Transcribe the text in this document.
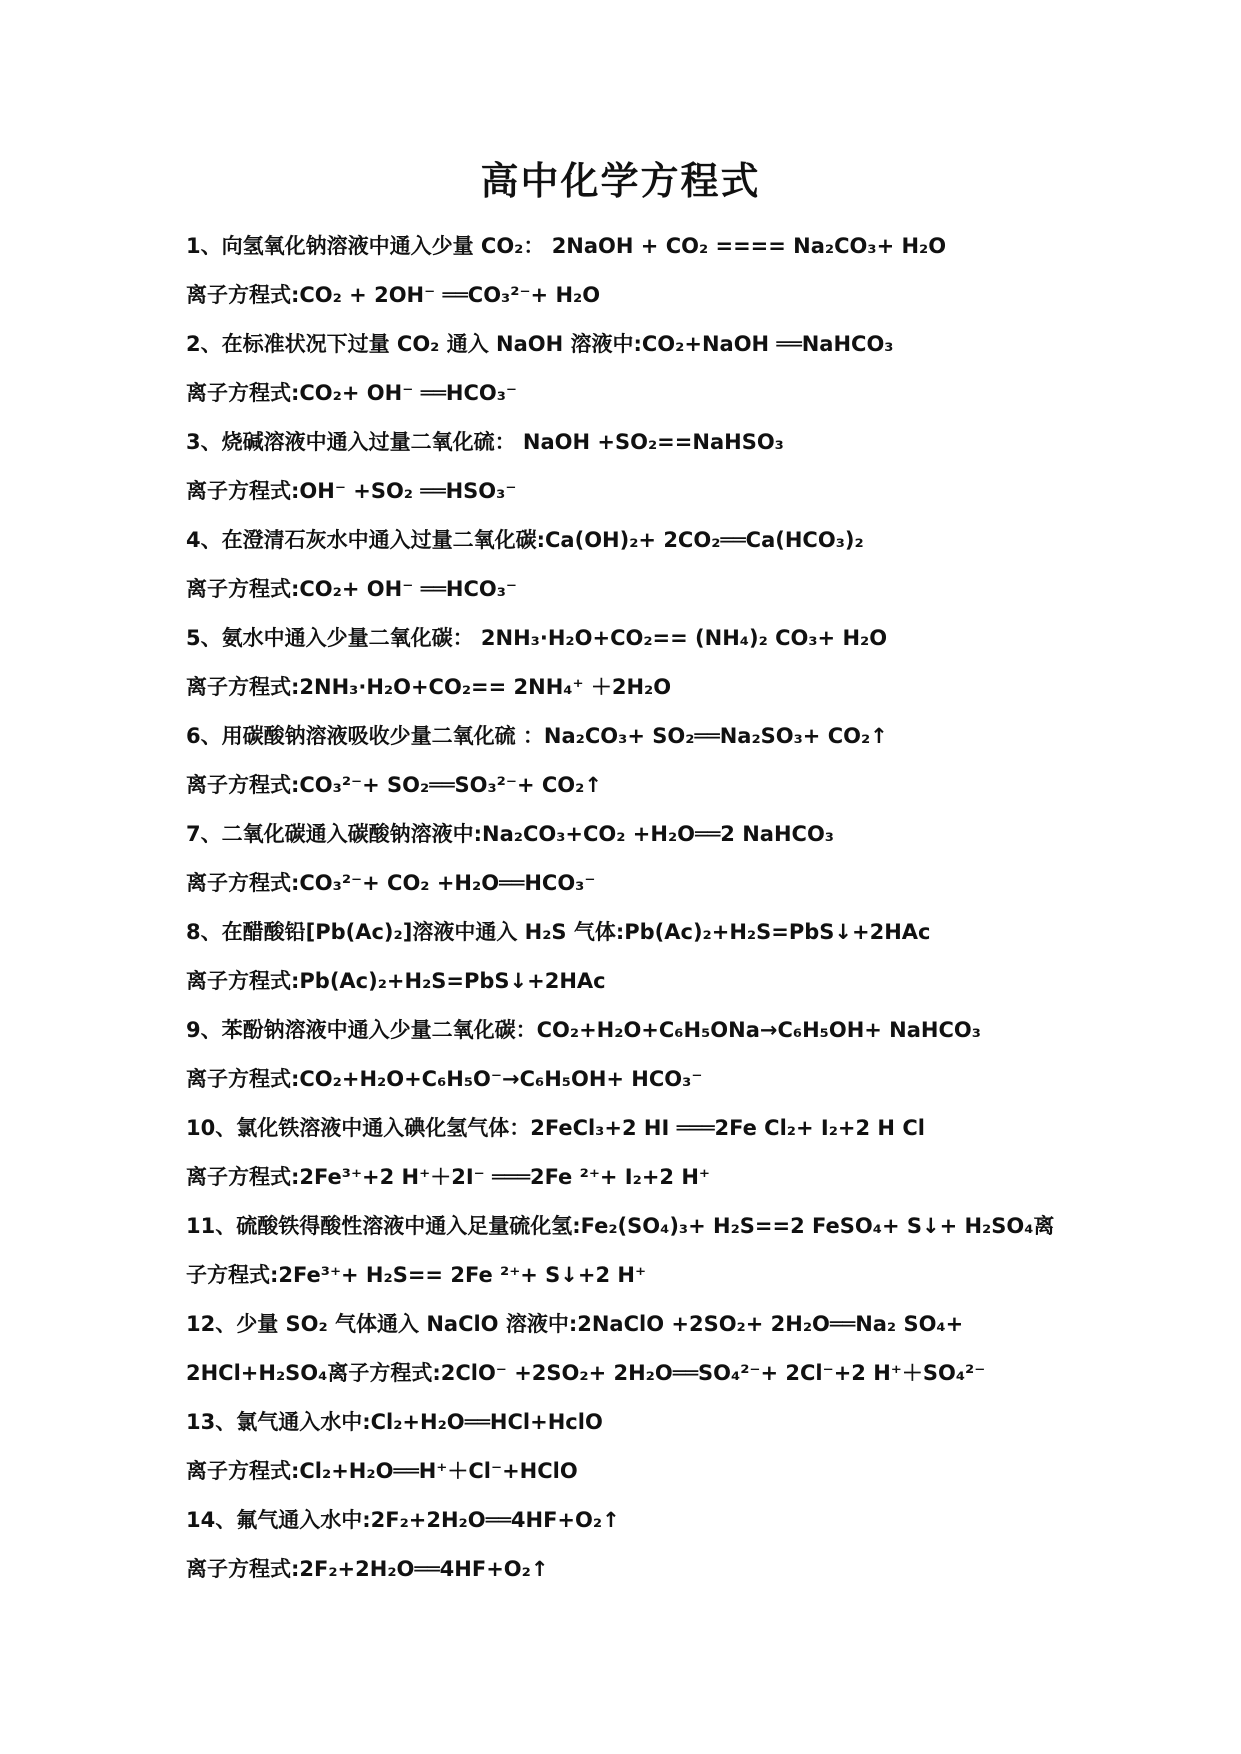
高中化学方程式
1、向氢氧化钠溶液中通入少量 CO₂： 2NaOH + CO₂ ==== Na₂CO₃+ H₂O
离子方程式:CO₂ + 2OH⁻ ══CO₃²⁻+ H₂O
2、在标准状况下过量 CO₂ 通入 NaOH 溶液中:CO₂+NaOH ══NaHCO₃
离子方程式:CO₂+ OH⁻ ══HCO₃⁻
3、烧碱溶液中通入过量二氧化硫： NaOH +SO₂==NaHSO₃
离子方程式:OH⁻ +SO₂ ══HSO₃⁻
4、在澄清石灰水中通入过量二氧化碳:Ca(OH)₂+ 2CO₂══Ca(HCO₃)₂
离子方程式:CO₂+ OH⁻ ══HCO₃⁻
5、氨水中通入少量二氧化碳： 2NH₃·H₂O+CO₂== (NH₄)₂ CO₃+ H₂O
离子方程式:2NH₃·H₂O+CO₂== 2NH₄⁺ ＋2H₂O
6、用碳酸钠溶液吸收少量二氧化硫 ：Na₂CO₃+ SO₂══Na₂SO₃+ CO₂↑
离子方程式:CO₃²⁻+ SO₂══SO₃²⁻+ CO₂↑
7、二氧化碳通入碳酸钠溶液中:Na₂CO₃+CO₂ +H₂O══2 NaHCO₃
离子方程式:CO₃²⁻+ CO₂ +H₂O══HCO₃⁻
8、在醋酸铅[Pb(Ac)₂]溶液中通入 H₂S 气体:Pb(Ac)₂+H₂S=PbS↓+2HAc
离子方程式:Pb(Ac)₂+H₂S=PbS↓+2HAc
9、苯酚钠溶液中通入少量二氧化碳：CO₂+H₂O+C₆H₅ONa→C₆H₅OH+ NaHCO₃
离子方程式:CO₂+H₂O+C₆H₅O⁻→C₆H₅OH+ HCO₃⁻
10、氯化铁溶液中通入碘化氢气体：2FeCl₃+2 HI ═══2Fe Cl₂+ I₂+2 H Cl
离子方程式:2Fe³⁺+2 H⁺＋2I⁻ ═══2Fe ²⁺+ I₂+2 H⁺
11、硫酸铁得酸性溶液中通入足量硫化氢:Fe₂(SO₄)₃+ H₂S==2 FeSO₄+ S↓+ H₂SO₄离
子方程式:2Fe³⁺+ H₂S== 2Fe ²⁺+ S↓+2 H⁺
12、少量 SO₂ 气体通入 NaClO 溶液中:2NaClO +2SO₂+ 2H₂O══Na₂ SO₄+
2HCl+H₂SO₄离子方程式:2ClO⁻ +2SO₂+ 2H₂O══SO₄²⁻+ 2Cl⁻+2 H⁺＋SO₄²⁻
13、氯气通入水中:Cl₂+H₂O══HCl+HclO
离子方程式:Cl₂+H₂O══H⁺＋Cl⁻+HClO
14、氟气通入水中:2F₂+2H₂O══4HF+O₂↑
离子方程式:2F₂+2H₂O══4HF+O₂↑
